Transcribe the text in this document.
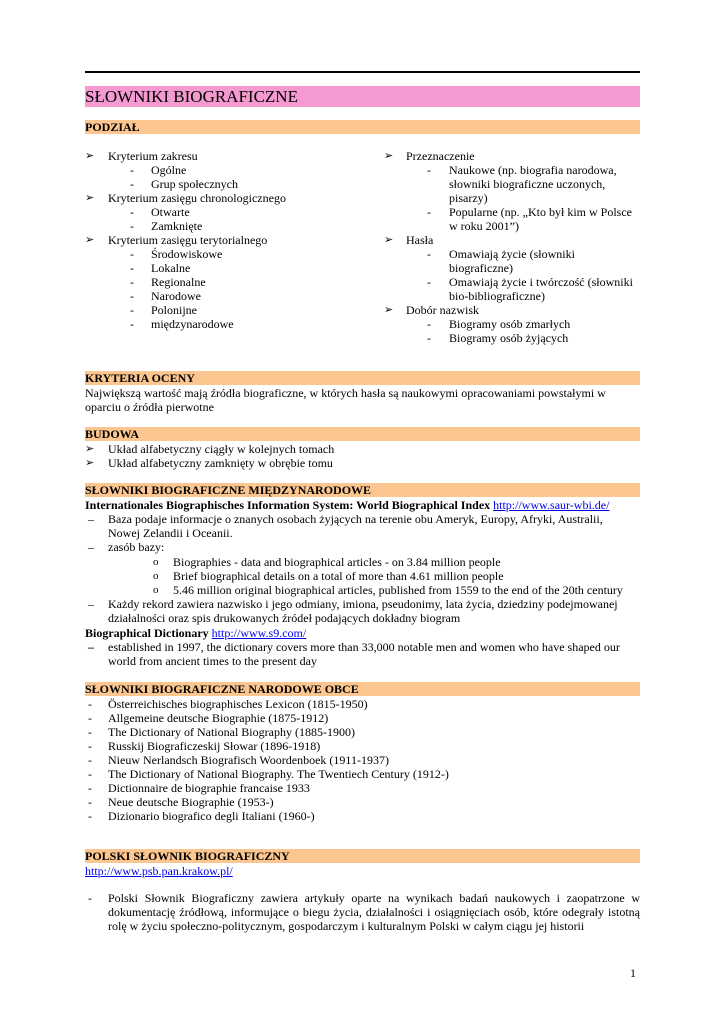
SŁOWNIKI BIOGRAFICZNE
PODZIAŁ
➢ Kryterium zakresu
- Ogólne
- Grup społecznych
➢ Kryterium zasięgu chronologicznego
- Otwarte
- Zamknięte
➢ Kryterium zasięgu terytorialnego
- Środowiskowe
- Lokalne
- Regionalne
- Narodowe
- Polonijne
- międzynarodowe
➢ Przeznaczenie
- Naukowe (np. biografia narodowa,
słowniki biograficzne uczonych,
pisarzy)
- Popularne (np. „Kto był kim w Polsce
w roku 2001”)
➢ Hasła
- Omawiają życie (słowniki
biograficzne)
- Omawiają życie i twórczość (słowniki
bio-bibliograficzne)
➢ Dobór nazwisk
- Biogramy osób zmarłych
- Biogramy osób żyjących
KRYTERIA OCENY
Największą wartość mają źródła biograficzne, w których hasła są naukowymi opracowaniami powstałymi w
oparciu o źródła pierwotne
BUDOWA
➢ Układ alfabetyczny ciągły w kolejnych tomach
➢ Układ alfabetyczny zamknięty w obrębie tomu
SŁOWNIKI BIOGRAFICZNE MIĘDZYNARODOWE
Internationales Biographisches Information System: World Biographical Index http://www.saur-wbi.de/
– Baza podaje informacje o znanych osobach żyjących na terenie obu Ameryk, Europy, Afryki, Australii,
Nowej Zelandii i Oceanii.
– zasób bazy:
o Biographies - data and biographical articles - on 3.84 million people
o Brief biographical details on a total of more than 4.61 million people
o 5.46 million original biographical articles, published from 1559 to the end of the 20th century
– Każdy rekord zawiera nazwisko i jego odmiany, imiona, pseudonimy, lata życia, dziedziny podejmowanej
działalności oraz spis drukowanych źródeł podających dokładny biogram
Biographical Dictionary http://www.s9.com/
– established in 1997, the dictionary covers more than 33,000 notable men and women who have shaped our
world from ancient times to the present day
SŁOWNIKI BIOGRAFICZNE NARODOWE OBCE
- Österreichisches biographisches Lexicon (1815-1950)
- Allgemeine deutsche Biographie (1875-1912)
- The Dictionary of National Biography (1885-1900)
- Russkij Biograficzeskij Słowar (1896-1918)
- Nieuw Nerlandsch Biografisch Woordenboek (1911-1937)
- The Dictionary of National Biography. The Twentiech Century (1912-)
- Dictionnaire de biographie francaise 1933
- Neue deutsche Biographie (1953-)
- Dizionario biografico degli Italiani (1960-)
POLSKI SŁOWNIK BIOGRAFICZNY
http://www.psb.pan.krakow.pl/
- Polski Słownik Biograficzny zawiera artykuły oparte na wynikach badań naukowych i zaopatrzone w dokumentację źródłową, informujące o biegu życia, działalności i osiągnięciach osób, które odegrały istotną rolę w życiu społeczno-politycznym, gospodarczym i kulturalnym Polski w całym ciągu jej historii
1
